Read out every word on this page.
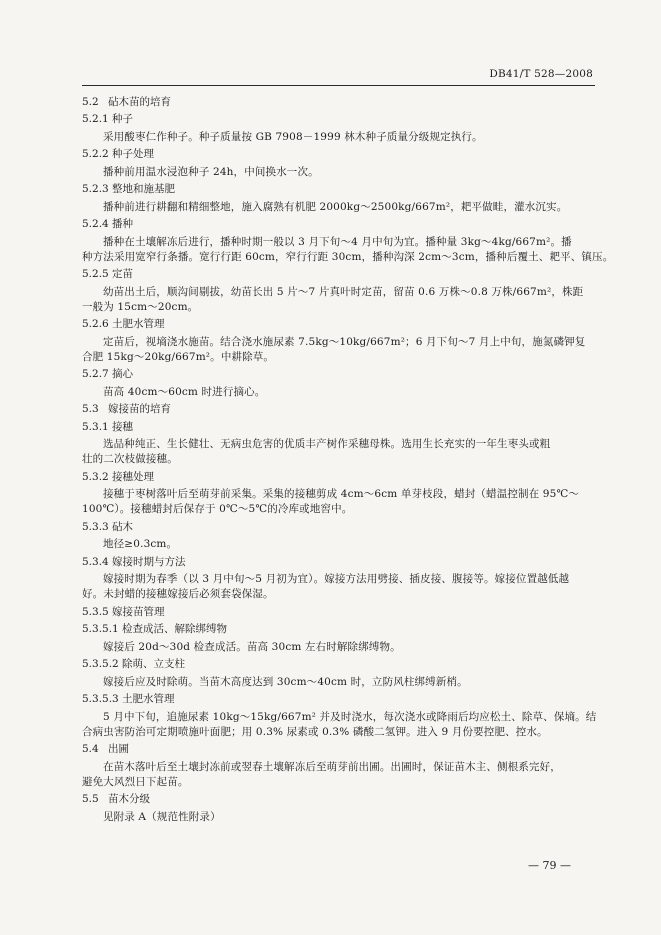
DB41/T 528—2008
5.2 砧木苗的培育
5.2.1 种子
采用酸枣仁作种子。种子质量按 GB 7908－1999 林木种子质量分级规定执行。
5.2.2 种子处理
播种前用温水浸泡种子 24h，中间换水一次。
5.2.3 整地和施基肥
播种前进行耕翻和精细整地，施入腐熟有机肥 2000kg～2500kg/667m²，耙平做畦，灌水沉实。
5.2.4 播种
播种在土壤解冻后进行，播种时期一般以 3 月下旬～4 月中旬为宜。播种量 3kg～4kg/667m²。播
种方法采用宽窄行条播。宽行行距 60cm，窄行行距 30cm，播种沟深 2cm～3cm，播种后覆土、耙平、镇压。
5.2.5 定苗
幼苗出土后，顺沟间剔拔，幼苗长出 5 片～7 片真叶时定苗，留苗 0.6 万株～0.8 万株/667m²，株距
一般为 15cm～20cm。
5.2.6 土肥水管理
定苗后，视墒浇水施苗。结合浇水施尿素 7.5kg～10kg/667m²；6 月下旬～7 月上中旬，施氮磷钾复
合肥 15kg～20kg/667m²。中耕除草。
5.2.7 摘心
苗高 40cm～60cm 时进行摘心。
5.3 嫁接苗的培育
5.3.1 接穗
选品种纯正、生长健壮、无病虫危害的优质丰产树作采穗母株。选用生长充实的一年生枣头或粗
壮的二次枝做接穗。
5.3.2 接穗处理
接穗于枣树落叶后至萌芽前采集。采集的接穗剪成 4cm～6cm 单芽枝段，蜡封（蜡温控制在 95℃～
100℃）。接穗蜡封后保存于 0℃～5℃的冷库或地窖中。
5.3.3 砧木
地径≥0.3cm。
5.3.4 嫁接时期与方法
嫁接时期为春季（以 3 月中旬～5 月初为宜）。嫁接方法用劈接、插皮接、腹接等。嫁接位置越低越
好。未封蜡的接穗嫁接后必须套袋保湿。
5.3.5 嫁接苗管理
5.3.5.1 检查成活、解除绑缚物
嫁接后 20d～30d 检查成活。苗高 30cm 左右时解除绑缚物。
5.3.5.2 除萌、立支柱
嫁接后应及时除萌。当苗木高度达到 30cm～40cm 时，立防风柱绑缚新梢。
5.3.5.3 土肥水管理
5 月中下旬，追施尿素 10kg～15kg/667m² 并及时浇水，每次浇水或降雨后均应松土、除草、保墒。结
合病虫害防治可定期喷施叶面肥；用 0.3% 尿素或 0.3% 磷酸二氢钾。进入 9 月份要控肥、控水。
5.4 出圃
在苗木落叶后至土壤封冻前或翌春土壤解冻后至萌芽前出圃。出圃时，保证苗木主、侧根系完好，
避免大风烈日下起苗。
5.5 苗木分级
见附录 A（规范性附录）
— 79 —
